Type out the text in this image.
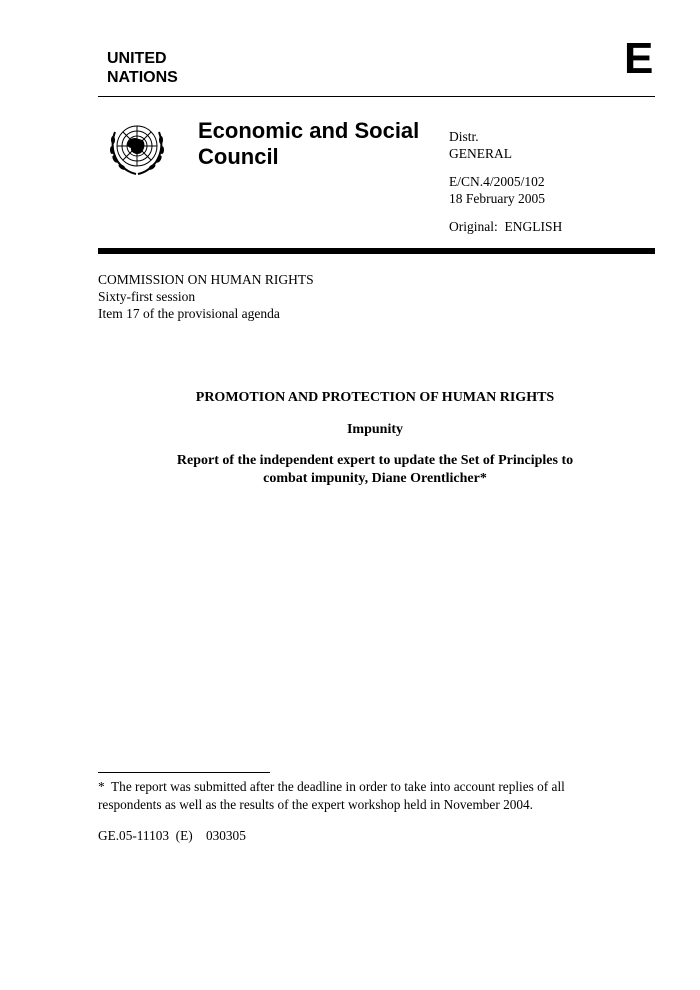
UNITED
NATIONS	E
Economic and Social
Council
Distr.
GENERAL
E/CN.4/2005/102
18 February 2005
Original:  ENGLISH
COMMISSION ON HUMAN RIGHTS
Sixty-first session
Item 17 of the provisional agenda
PROMOTION AND PROTECTION OF HUMAN RIGHTS
Impunity
Report of the independent expert to update the Set of Principles to
combat impunity, Diane Orentlicher*
*  The report was submitted after the deadline in order to take into account replies of all
respondents as well as the results of the expert workshop held in November 2004.
GE.05-11103  (E)    030305
